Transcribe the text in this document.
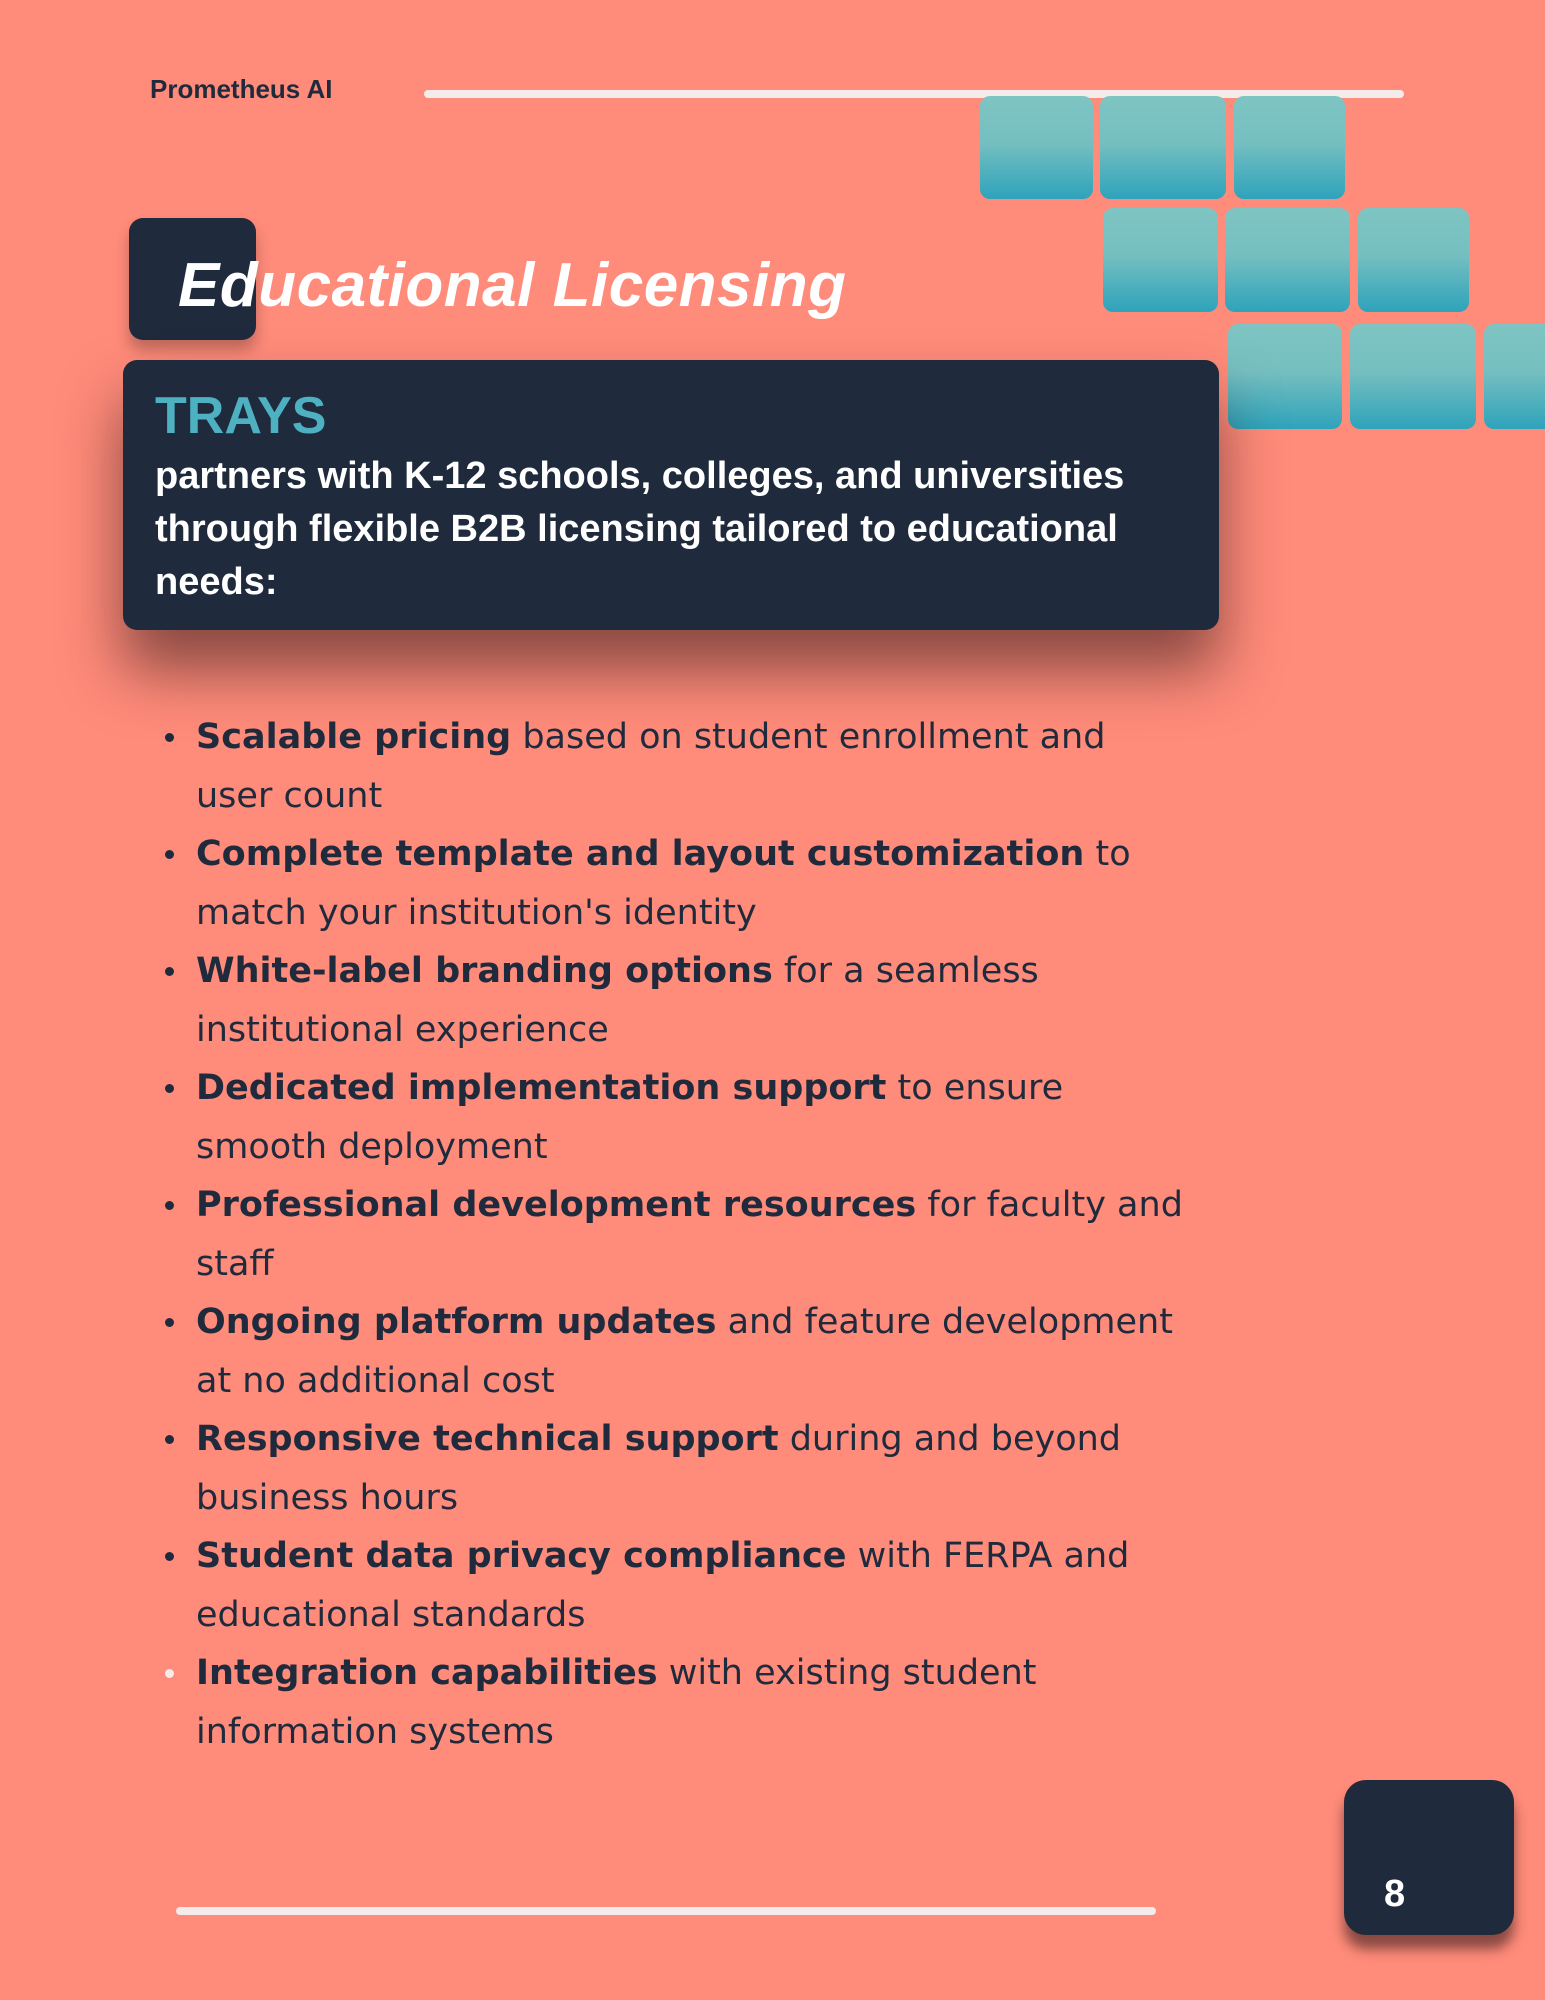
Prometheus AI
Educational Licensing
TRAYS

partners with K-12 schools, colleges, and universities through flexible B2B licensing tailored to educational needs:

Scalable pricing based on student enrollment and user count
Complete template and layout customization to match your institution's identity
White-label branding options for a seamless institutional experience
Dedicated implementation support to ensure smooth deployment
Professional development resources for faculty and staff
Ongoing platform updates and feature development at no additional cost
Responsive technical support during and beyond business hours
Student data privacy compliance with FERPA and educational standards
Integration capabilities with existing student information systems
8
